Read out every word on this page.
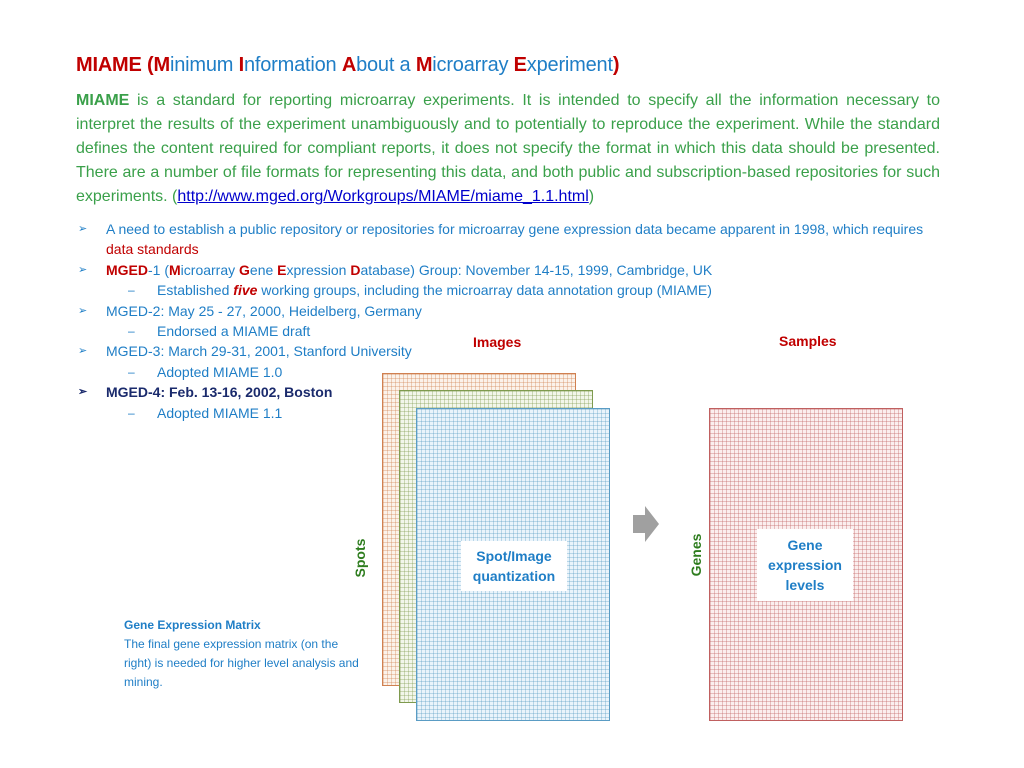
MIAME (Minimum Information About a Microarray Experiment)

MIAME is a standard for reporting microarray experiments. It is intended to specify all the information necessary to interpret the results of the experiment unambiguously and to potentially to reproduce the experiment. While the standard defines the content required for compliant reports, it does not specify the format in which this data should be presented. There are a number of file formats for representing this data, and both public and subscription-based repositories for such experiments. (http://www.mged.org/Workgroups/MIAME/miame_1.1.html)

➢ A need to establish a public repository or repositories for microarray gene expression data became apparent in 1998, which requires data standards
➢ MGED-1 (Microarray Gene Expression Database) Group: November 14-15, 1999, Cambridge, UK
– Established five working groups, including the microarray data annotation group (MIAME)
➢ MGED-2: May 25 - 27, 2000, Heidelberg, Germany
– Endorsed a MIAME draft
➢ MGED-3: March 29-31, 2001, Stanford University
– Adopted MIAME 1.0
➢ MGED-4: Feb. 13-16, 2002, Boston
– Adopted MIAME 1.1
Images	Samples
Spot/Image quantization
Spots	Gene expression levels
Genes

Gene Expression Matrix
The final gene expression matrix (on the right) is needed for higher level analysis and mining.
